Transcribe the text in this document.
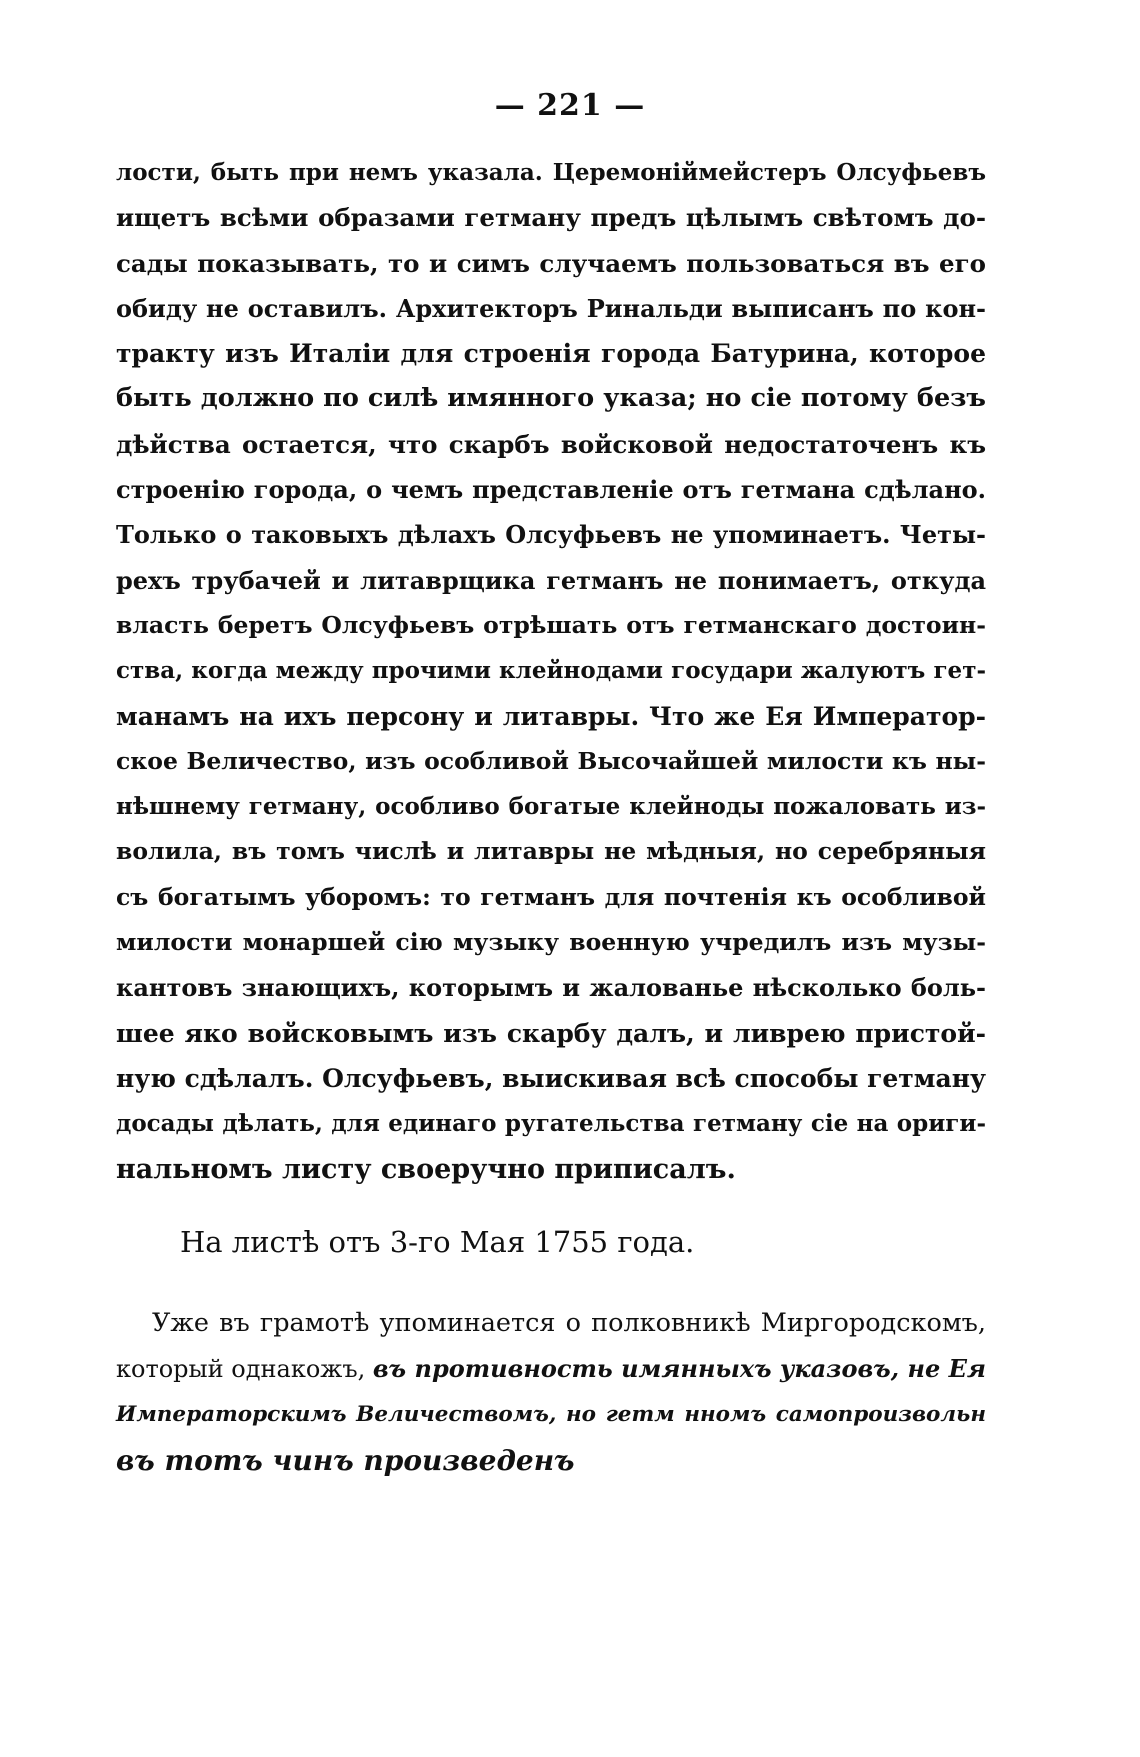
— 221 —
лости, быть при немъ указала. Церемоніймейстеръ Олсуфьевъ
ищетъ всѣми образами гетману предъ цѣлымъ свѣтомъ до-
сады показывать, то и симъ случаемъ пользоваться въ его
обиду не оставилъ. Архитекторъ Ринальди выписанъ по кон-
тракту изъ Италіи для строенія города Батурина, которое
быть должно по силѣ имянного указа; но сіе потому безъ
дѣйства остается, что скарбъ войсковой недостаточенъ къ
строенію города, о чемъ представленіе отъ гетмана сдѣлано.
Только о таковыхъ дѣлахъ Олсуфьевъ не упоминаетъ. Четы-
рехъ трубачей и литаврщика гетманъ не понимаетъ, откуда
власть беретъ Олсуфьевъ отрѣшать отъ гетманскаго достоин-
ства, когда между прочими клейнодами государи жалуютъ гет-
манамъ на ихъ персону и литавры. Что же Ея Император-
ское Величество, изъ особливой Высочайшей милости къ ны-
нѣшнему гетману, особливо богатые клейноды пожаловать из-
волила, въ томъ числѣ и литавры не мѣдныя, но серебряныя
съ богатымъ уборомъ: то гетманъ для почтенія къ особливой
милости монаршей сію музыку военную учредилъ изъ музы-
кантовъ знающихъ, которымъ и жалованье нѣсколько боль-
шее яко войсковымъ изъ скарбу далъ, и ливрею пристой-
ную сдѣлалъ. Олсуфьевъ, выискивая всѣ способы гетману
досады дѣлать, для единаго ругательства гетману сіе на ориги-
нальномъ листу своеручно приписалъ.
На листѣ отъ 3-го Мая 1755 года.
Уже въ грамотѣ упоминается о полковникѣ Миргородскомъ,
который однакожъ, въ противность имянныхъ указовъ, не Ея
Императорскимъ Величествомъ, но гетм нномъ самопроизвольн
въ тотъ чинъ произведенъ
